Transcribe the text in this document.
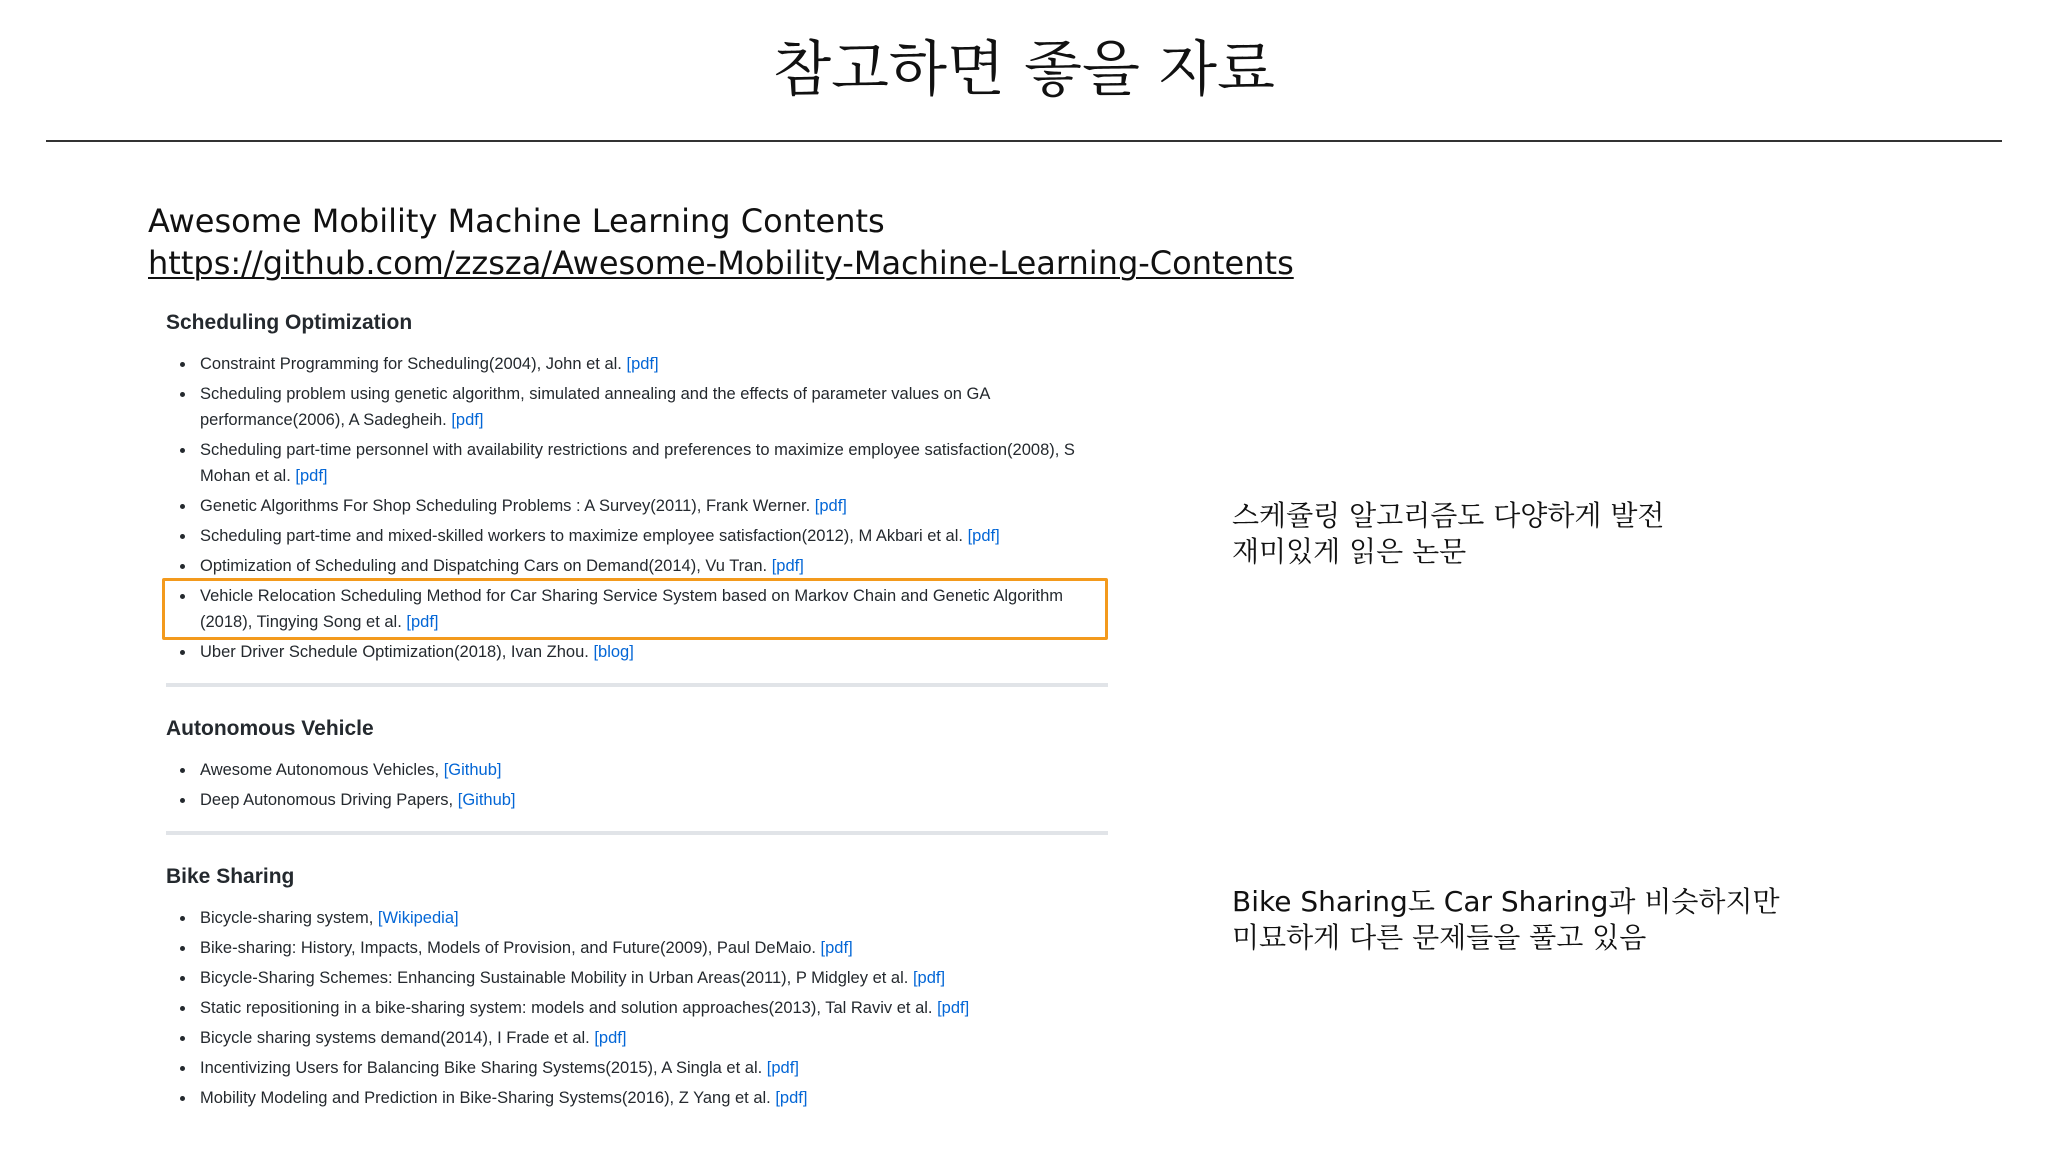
참고하면 좋을 자료
Awesome Mobility Machine Learning Contents
https://github.com/zzsza/Awesome-Mobility-Machine-Learning-Contents
Scheduling Optimization
Constraint Programming for Scheduling(2004), John et al. [pdf]
Scheduling problem using genetic algorithm, simulated annealing and the effects of parameter values on GA performance(2006), A Sadegheih. [pdf]
Scheduling part-time personnel with availability restrictions and preferences to maximize employee satisfaction(2008), S Mohan et al. [pdf]
Genetic Algorithms For Shop Scheduling Problems : A Survey(2011), Frank Werner. [pdf]
Scheduling part-time and mixed-skilled workers to maximize employee satisfaction(2012), M Akbari et al. [pdf]
Optimization of Scheduling and Dispatching Cars on Demand(2014), Vu Tran. [pdf]
Vehicle Relocation Scheduling Method for Car Sharing Service System based on Markov Chain and Genetic Algorithm (2018), Tingying Song et al. [pdf]
Uber Driver Schedule Optimization(2018), Ivan Zhou. [blog]
Autonomous Vehicle
Awesome Autonomous Vehicles, [Github]
Deep Autonomous Driving Papers, [Github]
Bike Sharing
Bicycle-sharing system, [Wikipedia]
Bike-sharing: History, Impacts, Models of Provision, and Future(2009), Paul DeMaio. [pdf]
Bicycle-Sharing Schemes: Enhancing Sustainable Mobility in Urban Areas(2011), P Midgley et al. [pdf]
Static repositioning in a bike-sharing system: models and solution approaches(2013), Tal Raviv et al. [pdf]
Bicycle sharing systems demand(2014), I Frade et al. [pdf]
Incentivizing Users for Balancing Bike Sharing Systems(2015), A Singla et al. [pdf]
Mobility Modeling and Prediction in Bike-Sharing Systems(2016), Z Yang et al. [pdf]
스케쥴링 알고리즘도 다양하게 발전
재미있게 읽은 논문
Bike Sharing도 Car Sharing과 비슷하지만
미묘하게 다른 문제들을 풀고 있음
